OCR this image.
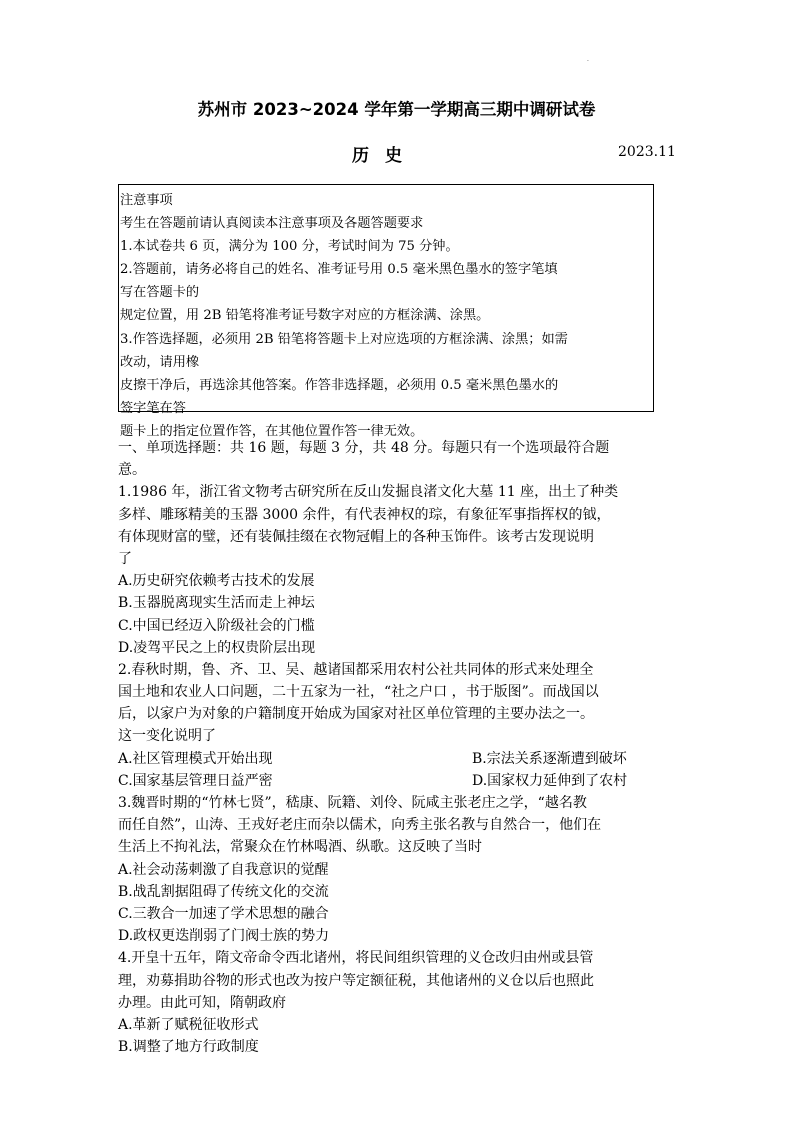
·
苏州市 2023~2024 学年第一学期高三期中调研试卷
历史	2023.11
注意事项
考生在答题前请认真阅读本注意事项及各题答题要求
1.本试卷共 6 页，满分为 100 分，考试时间为 75 分钟。
2.答题前，请务必将自己的姓名、准考证号用 0.5 毫米黑色墨水的签字笔填
写在答题卡的
规定位置，用 2B 铅笔将准考证号数字对应的方框涂满、涂黑。
3.作答选择题，必须用 2B 铅笔将答题卡上对应选项的方框涂满、涂黑；如需
改动，请用橡
皮擦干净后，再选涂其他答案。作答非选择题，必须用 0.5 毫米黑色墨水的
签字笔在答
题卡上的指定位置作答，在其他位置作答一律无效。
一、单项选择题：共 16 题，每题 3 分，共 48 分。每题只有一个选项最符合题
意。
1.1986 年，浙江省文物考古研究所在反山发掘良渚文化大墓 11 座，出土了种类
多样、雕琢精美的玉器 3000 余件，有代表神权的琮，有象征军事指挥权的钺，
有体现财富的璧，还有装佩挂缀在衣物冠帽上的各种玉饰件。该考古发现说明
了
A.历史研究依赖考古技术的发展
B.玉器脱离现实生活而走上神坛
C.中国已经迈入阶级社会的门槛
D.凌驾平民之上的权贵阶层出现
2.春秋时期，鲁、齐、卫、吴、越诸国都采用农村公社共同体的形式来处理全
国土地和农业人口问题，二十五家为一社，“社之户口 ，书于版图”。而战国以
后，以家户为对象的户籍制度开始成为国家对社区单位管理的主要办法之一。
这一变化说明了
A.社区管理模式开始出现	B.宗法关系逐渐遭到破坏
C.国家基层管理日益严密	D.国家权力延伸到了农村
3.魏晋时期的“竹林七贤”，嵇康、阮籍、刘伶、阮咸主张老庄之学，“越名教
而任自然”，山涛、王戎好老庄而杂以儒术，向秀主张名教与自然合一，他们在
生活上不拘礼法，常聚众在竹林喝酒、纵歌。这反映了当时
A.社会动荡刺激了自我意识的觉醒
B.战乱割据阻碍了传统文化的交流
C.三教合一加速了学术思想的融合
D.政权更迭削弱了门阀士族的势力
4.开皇十五年，隋文帝命令西北诸州，将民间组织管理的义仓改归由州或县管
理，劝募捐助谷物的形式也改为按户等定额征税，其他诸州的义仓以后也照此
办理。由此可知，隋朝政府
A.革新了赋税征收形式
B.调整了地方行政制度
